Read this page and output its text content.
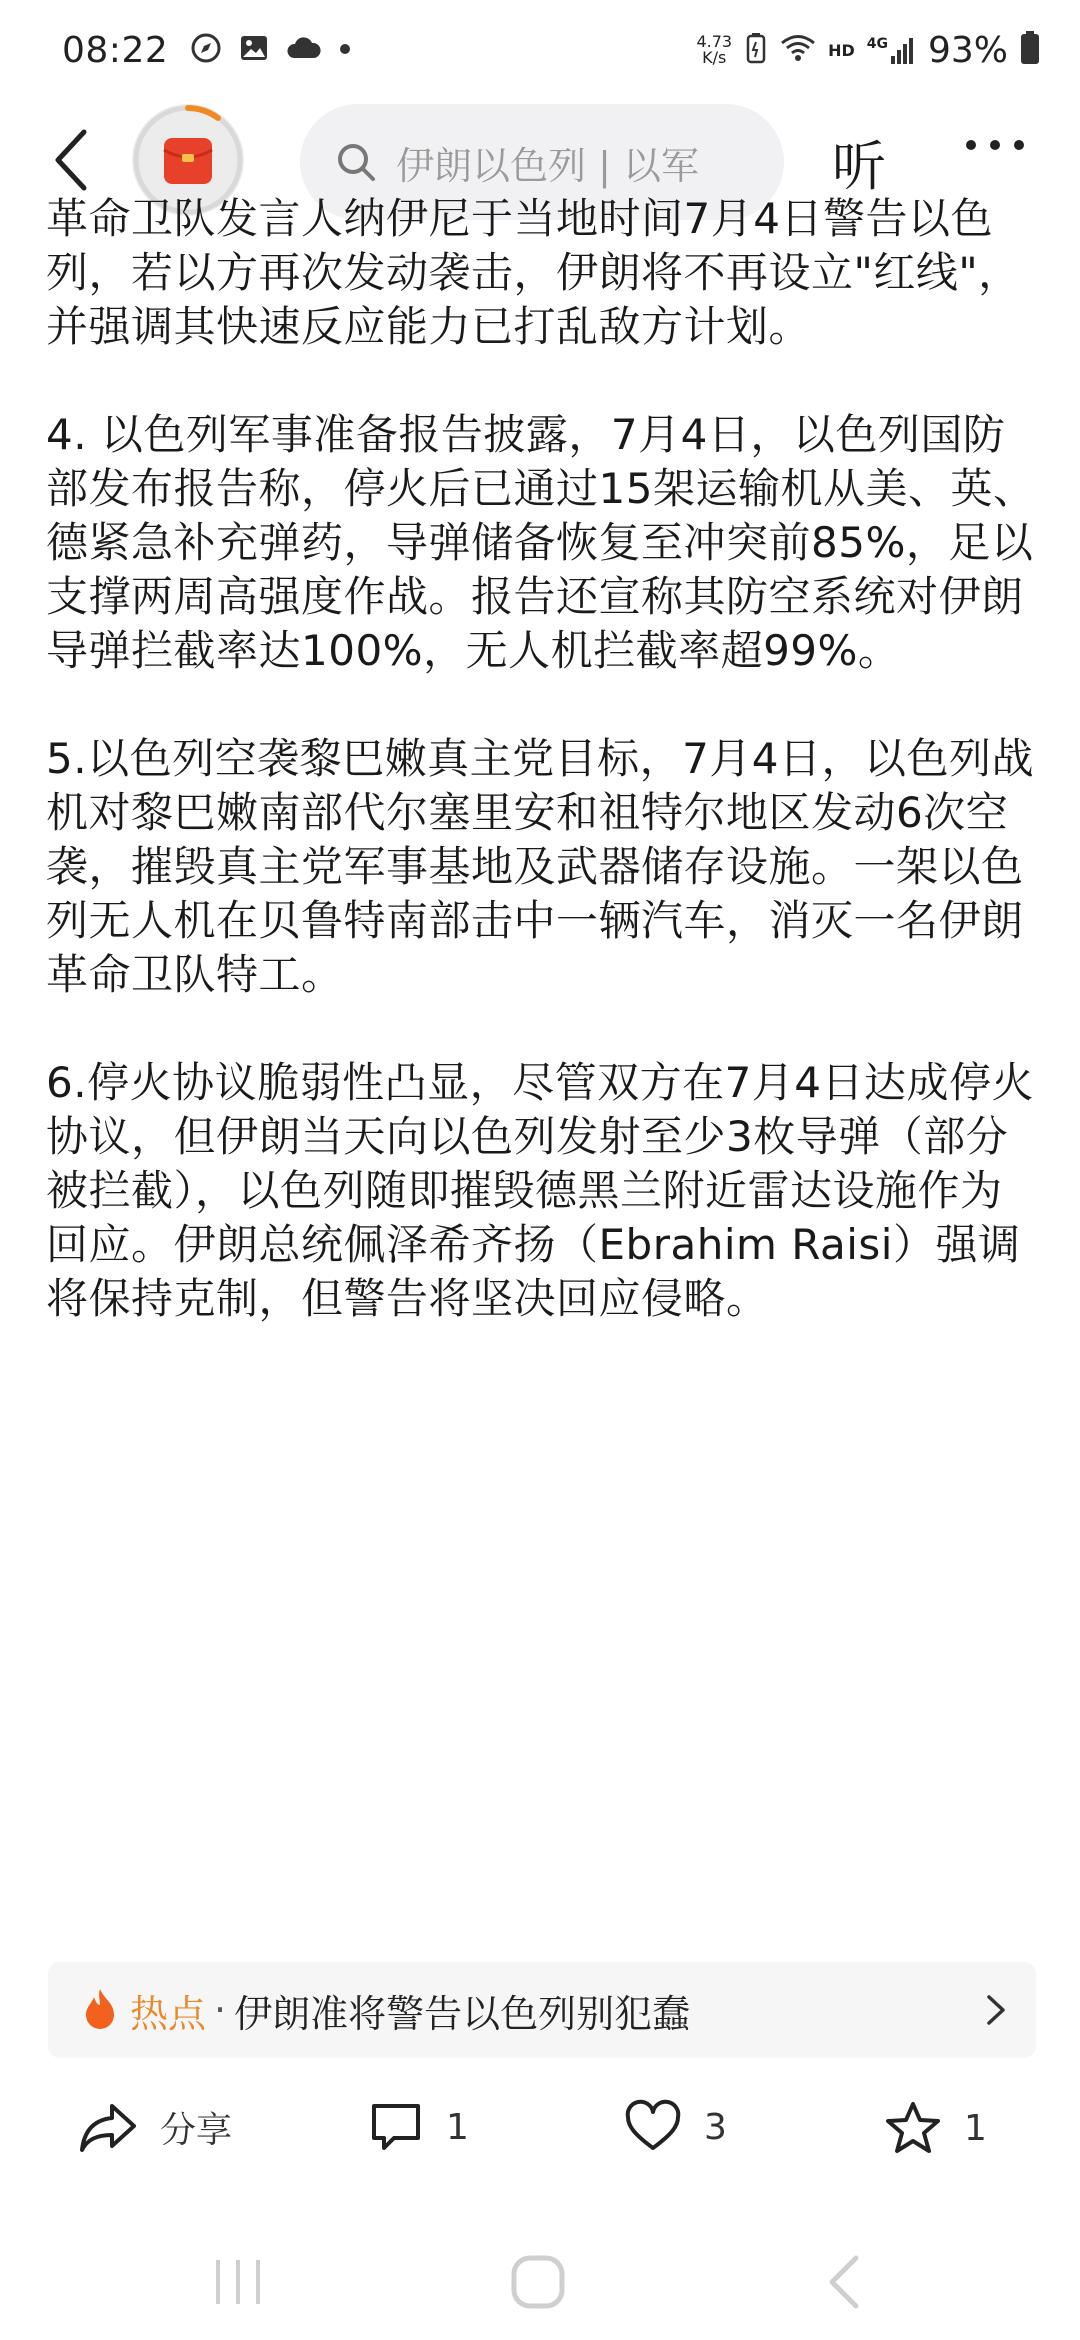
08:22	4.73
K/s	HD 4G 93%
伊朗以色列 | 以军 听

革命卫队发言人纳伊尼于当地时间7月4日警告以色列，若以方再次发动袭击，伊朗将不再设立"红线"，并强调其快速反应能力已打乱敌方计划。

4. 以色列军事准备报告披露，7月4日，以色列国防部发布报告称，停火后已通过15架运输机从美、英、德紧急补充弹药，导弹储备恢复至冲突前85%，足以支撑两周高强度作战。报告还宣称其防空系统对伊朗导弹拦截率达100%，无人机拦截率超99%。

5.以色列空袭黎巴嫩真主党目标，7月4日，以色列战机对黎巴嫩南部代尔塞里安和祖特尔地区发动6次空袭，摧毁真主党军事基地及武器储存设施。一架以色列无人机在贝鲁特南部击中一辆汽车，消灭一名伊朗革命卫队特工。

6.停火协议脆弱性凸显，尽管双方在7月4日达成停火协议，但伊朗当天向以色列发射至少3枚导弹（部分被拦截），以色列随即摧毁德黑兰附近雷达设施作为回应。伊朗总统佩泽希齐扬（Ebrahim Raisi）强调将保持克制，但警告将坚决回应侵略。

热点 · 伊朗准将警告以色列别犯蠢
分享	1	3	1
